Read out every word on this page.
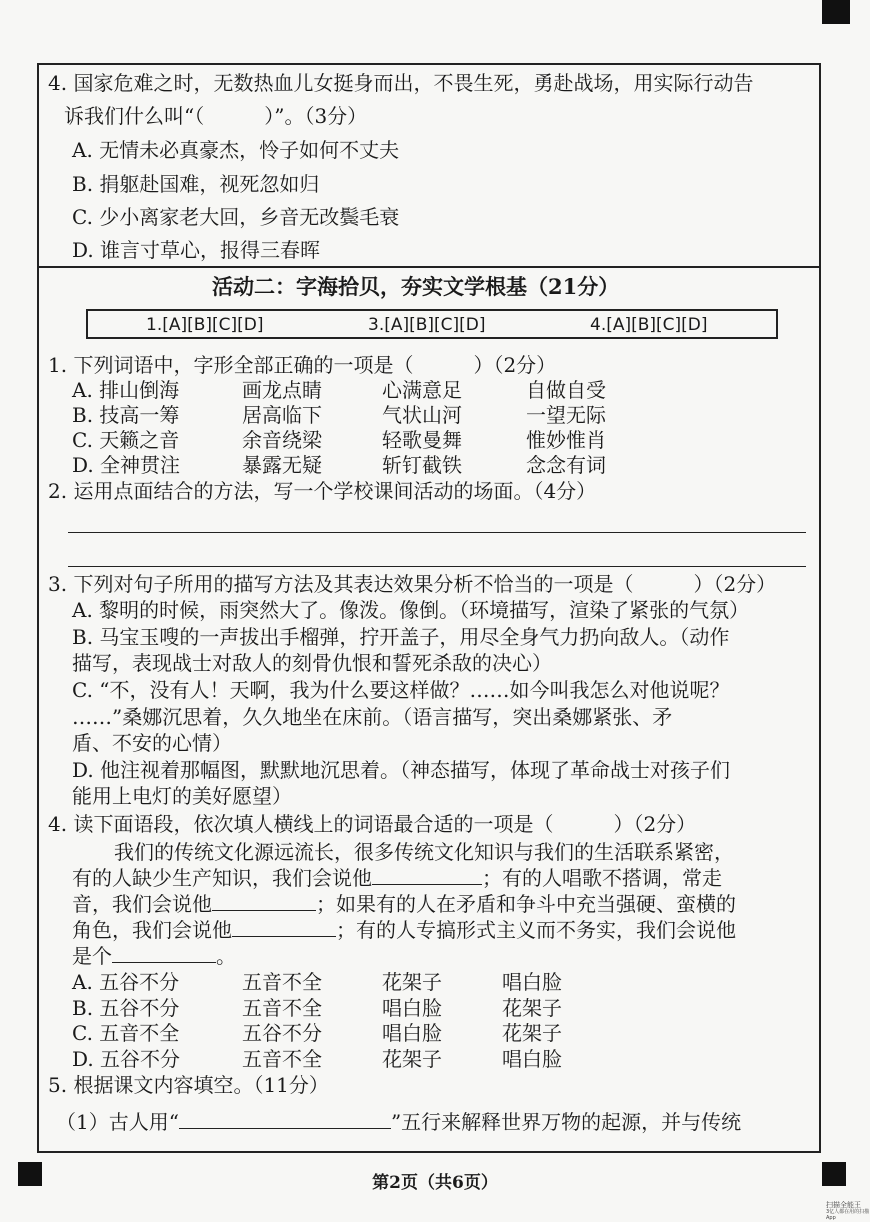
4. 国家危难之时，无数热血儿女挺身而出，不畏生死，勇赴战场，用实际行动告
诉我们什么叫“（　　　）”。（3分）
A. 无情未必真豪杰，怜子如何不丈夫
B. 捐躯赴国难，视死忽如归
C. 少小离家老大回，乡音无改鬓毛衰
D. 谁言寸草心，报得三春晖
活动二：字海拾贝，夯实文学根基（21分）
1.[A][B][C][D]	3.[A][B][C][D]	4.[A][B][C][D]
1. 下列词语中，字形全部正确的一项是（　　　）（2分）
A. 排山倒海	画龙点睛	心满意足	自做自受
B. 技高一筹	居高临下	气状山河	一望无际
C. 天籁之音	余音绕梁	轻歌曼舞	惟妙惟肖
D. 全神贯注	暴露无疑	斩钉截铁	念念有词
2. 运用点面结合的方法，写一个学校课间活动的场面。（4分）
3. 下列对句子所用的描写方法及其表达效果分析不恰当的一项是（　　　）（2分）
A. 黎明的时候，雨突然大了。像泼。像倒。（环境描写，渲染了紧张的气氛）
B. 马宝玉嗖的一声拔出手榴弹，拧开盖子，用尽全身气力扔向敌人。（动作
描写，表现战士对敌人的刻骨仇恨和誓死杀敌的决心）
C. “不，没有人！天啊，我为什么要这样做？……如今叫我怎么对他说呢？
……”桑娜沉思着，久久地坐在床前。（语言描写，突出桑娜紧张、矛
盾、不安的心情）
D. 他注视着那幅图，默默地沉思着。（神态描写，体现了革命战士对孩子们
能用上电灯的美好愿望）
4. 读下面语段，依次填人横线上的词语最合适的一项是（　　　）（2分）
我们的传统文化源远流长，很多传统文化知识与我们的生活联系紧密，
有的人缺少生产知识，我们会说他	；有的人唱歌不搭调，常走
音，我们会说他	；如果有的人在矛盾和争斗中充当强硬、蛮横的
角色，我们会说他	；有的人专搞形式主义而不务实，我们会说他
是个	。
A. 五谷不分	五音不全	花架子	唱白脸
B. 五谷不分	五音不全	唱白脸	花架子
C. 五音不全	五谷不分	唱白脸	花架子
D. 五谷不分	五音不全	花架子	唱白脸
5. 根据课文内容填空。（11分）
（1）古人用“	”五行来解释世界万物的起源，并与传统
第2页（共6页）
扫描全能王
3亿人都在用的扫描App
